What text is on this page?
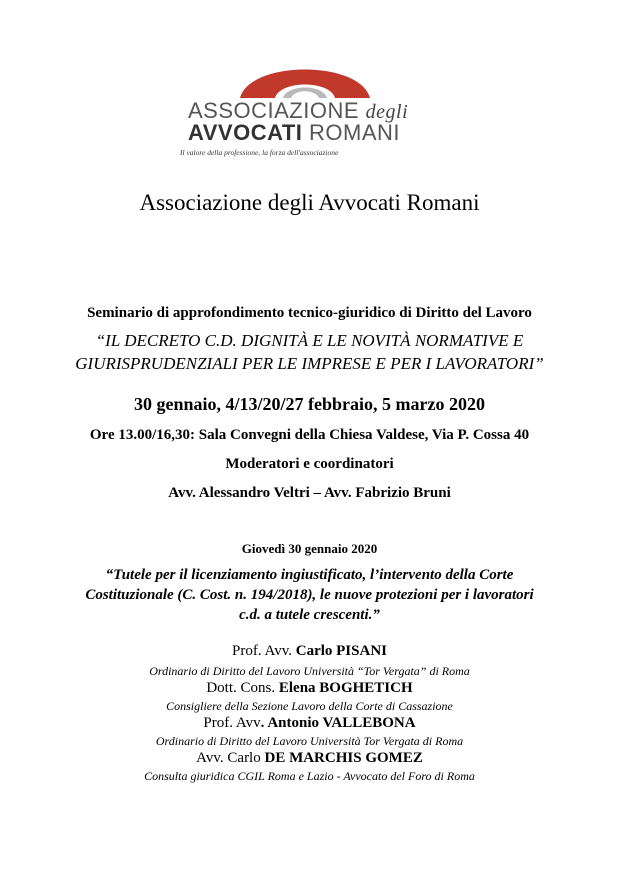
ASSOCIAZIONE degli
AVVOCATI ROMANI
Il valore della professione, la forza dell'associazione
Associazione degli Avvocati Romani
Seminario di approfondimento tecnico-giuridico di Diritto del Lavoro
“IL DECRETO C.D. DIGNITÀ E LE NOVITÀ NORMATIVE E
GIURISPRUDENZIALI PER LE IMPRESE E PER I LAVORATORI”
30 gennaio, 4/13/20/27 febbraio, 5 marzo 2020
Ore 13.00/16,30: Sala Convegni della Chiesa Valdese, Via P. Cossa 40
Moderatori e coordinatori
Avv. Alessandro Veltri – Avv. Fabrizio Bruni
Giovedì 30 gennaio 2020
“Tutele per il licenziamento ingiustificato, l’intervento della Corte
Costituzionale (C. Cost. n. 194/2018), le nuove protezioni per i lavoratori
c.d. a tutele crescenti.”
Prof. Avv. Carlo PISANI
Ordinario di Diritto del Lavoro Università “Tor Vergata” di Roma
Dott. Cons. Elena BOGHETICH
Consigliere della Sezione Lavoro della Corte di Cassazione
Prof. Avv. Antonio VALLEBONA
Ordinario di Diritto del Lavoro Università Tor Vergata di Roma
Avv. Carlo DE MARCHIS GOMEZ
Consulta giuridica CGIL Roma e Lazio - Avvocato del Foro di Roma
